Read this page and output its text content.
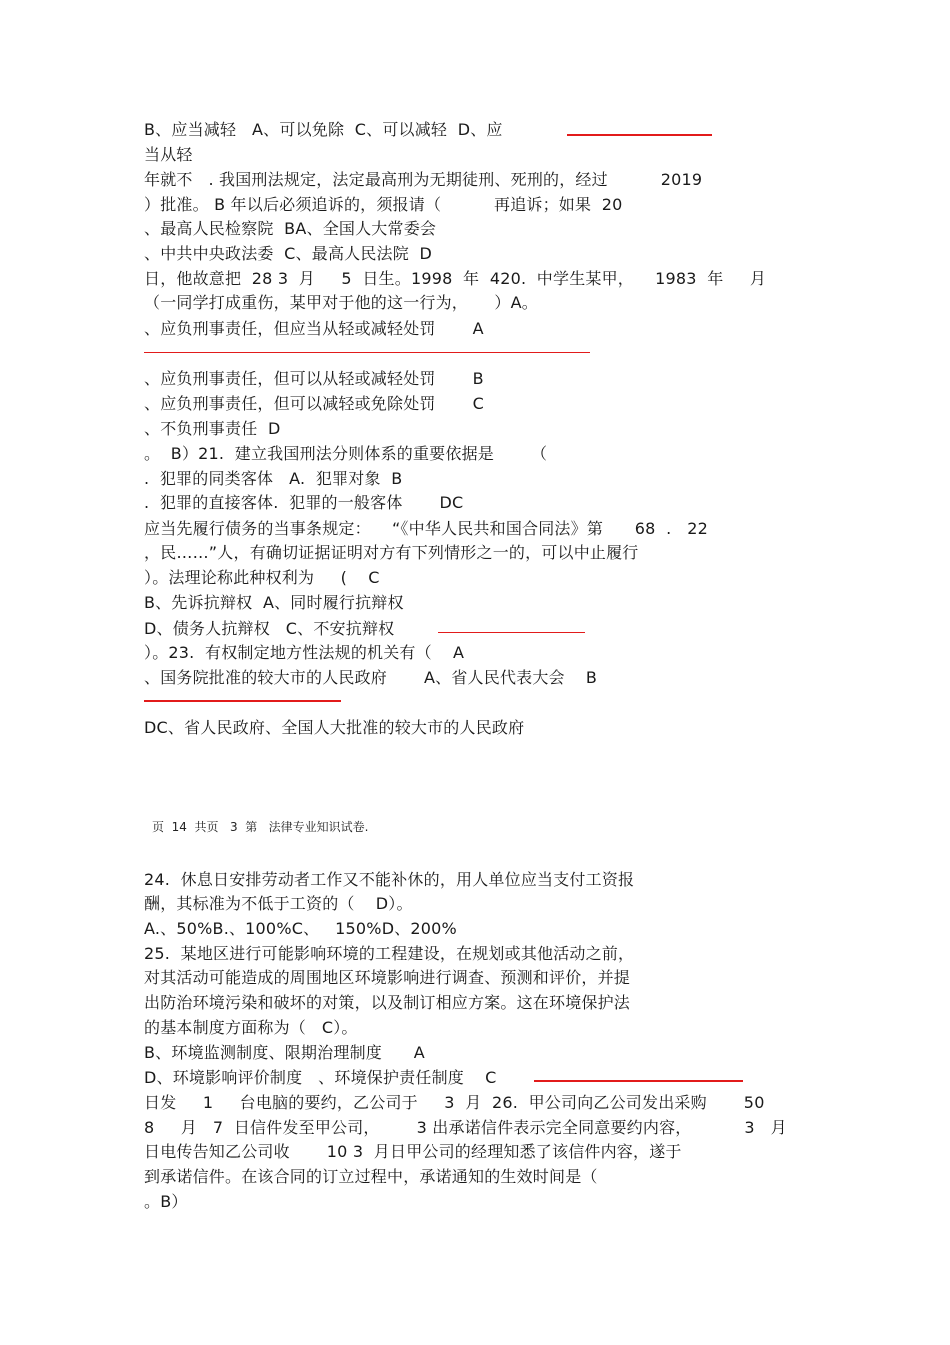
B、应当减轻   A、可以免除  C、可以减轻  D、应
当从轻
年就不   . 我国刑法规定，法定最高刑为无期徒刑、死刑的，经过          2019
）批准。 B 年以后必须追诉的，须报请（          再追诉；如果  20
、最高人民检察院  BA、全国人大常委会
、中共中央政法委  C、最高人民法院  D
日，他故意把  28 3  月     5  日生。1998  年  420.  中学生某甲，    1983  年     月
（一同学打成重伤，某甲对于他的这一行为，     ）A。
、应负刑事责任，但应当从轻或减轻处罚       A
、应负刑事责任，但可以从轻或减轻处罚       B
、应负刑事责任，但可以减轻或免除处罚       C
、不负刑事责任  D
。  B）21.  建立我国刑法分则体系的重要依据是       （
.  犯罪的同类客体   A.  犯罪对象  B
.  犯罪的直接客体.  犯罪的一般客体       DC
应当先履行债务的当事条规定：    “《中华人民共和国合同法》第      68  .   22
，民……”人，有确切证据证明对方有下列情形之一的，可以中止履行
）。法理论称此种权利为     (    C
B、先诉抗辩权  A、同时履行抗辩权
D、债务人抗辩权   C、不安抗辩权
）。23.  有权制定地方性法规的机关有（    A
、国务院批准的较大市的人民政府       A、省人民代表大会    B
DC、省人民政府、全国人大批准的较大市的人民政府
页  14  共页   3  第   法律专业知识试卷.
24.  休息日安排劳动者工作又不能补休的，用人单位应当支付工资报
酬，其标准为不低于工资的（    D）。
A.、50%B.、100%C、   150%D、200%
25.  某地区进行可能影响环境的工程建设，在规划或其他活动之前，
对其活动可能造成的周围地区环境影响进行调查、预测和评价，并提
出防治环境污染和破坏的对策，以及制订相应方案。这在环境保护法
的基本制度方面称为（   C）。
B、环境监测制度、限期治理制度      A
D、环境影响评价制度   、环境保护责任制度    C
日发     1     台电脑的要约，乙公司于     3  月  26.  甲公司向乙公司发出采购       50
8     月   7  日信件发至甲公司，       3 出承诺信件表示完全同意要约内容，          3   月
日电传告知乙公司收       10 3  月日甲公司的经理知悉了该信件内容，遂于
到承诺信件。在该合同的订立过程中，承诺通知的生效时间是（
。B）
